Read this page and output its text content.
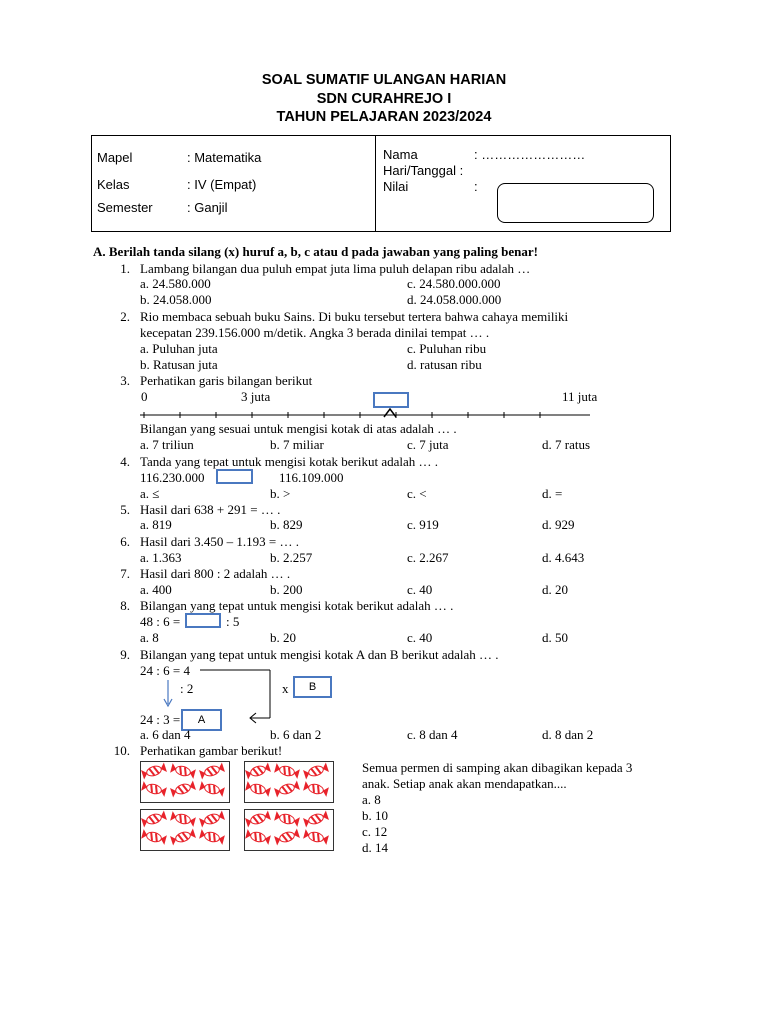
SOAL SUMATIF ULANGAN HARIAN
SDN CURAHREJO I
TAHUN PELAJARAN 2023/2024
Mapel	: Matematika
Kelas	: IV (Empat)
Semester	: Ganjil
Nama	: ……………………
Hari/Tanggal :
Nilai	:
A. Berilah tanda silang (x) huruf a, b, c atau d pada jawaban yang paling benar!
1. Lambang bilangan dua puluh empat juta lima puluh delapan ribu adalah …
a. 24.580.000
b. 24.058.000
c. 24.580.000.000
d. 24.058.000.000
2. Rio membaca sebuah buku Sains. Di buku tersebut tertera bahwa cahaya memiliki
kecepatan 239.156.000 m/detik. Angka 3 berada dinilai tempat … .
a. Puluhan juta
b. Ratusan juta
c. Puluhan ribu
d. ratusan ribu
3. Perhatikan garis bilangan berikut
0	3 juta	11 juta
Bilangan yang sesuai untuk mengisi kotak di atas adalah … .
a. 7 triliun	b. 7 miliar	c. 7 juta	d. 7 ratus
4. Tanda yang tepat untuk mengisi kotak berikut adalah … .
116.230.000	116.109.000
a. ≤	b. >	c. <	d. =
5. Hasil dari 638 + 291 = … .
a. 819	b. 829	c. 919	d. 929
6. Hasil dari 3.450 – 1.193 = … .
a. 1.363	b. 2.257	c. 2.267	d. 4.643
7. Hasil dari 800 : 2 adalah … .
a. 400	b. 200	c. 40	d. 20
8. Bilangan yang tepat untuk mengisi kotak berikut adalah … .
48 : 6 =	: 5
a. 8	b. 20	c. 40	d. 50
9. Bilangan yang tepat untuk mengisi kotak A dan B berikut adalah … .
24 : 6 = 4
: 2	x	B
24 : 3 =	A
a. 6 dan 4	b. 6 dan 2	c. 8 dan 4	d. 8 dan 2
10. Perhatikan gambar berikut!
Semua permen di samping akan dibagikan kepada 3
anak. Setiap anak akan mendapatkan....
a. 8
b. 10
c. 12
d. 14
